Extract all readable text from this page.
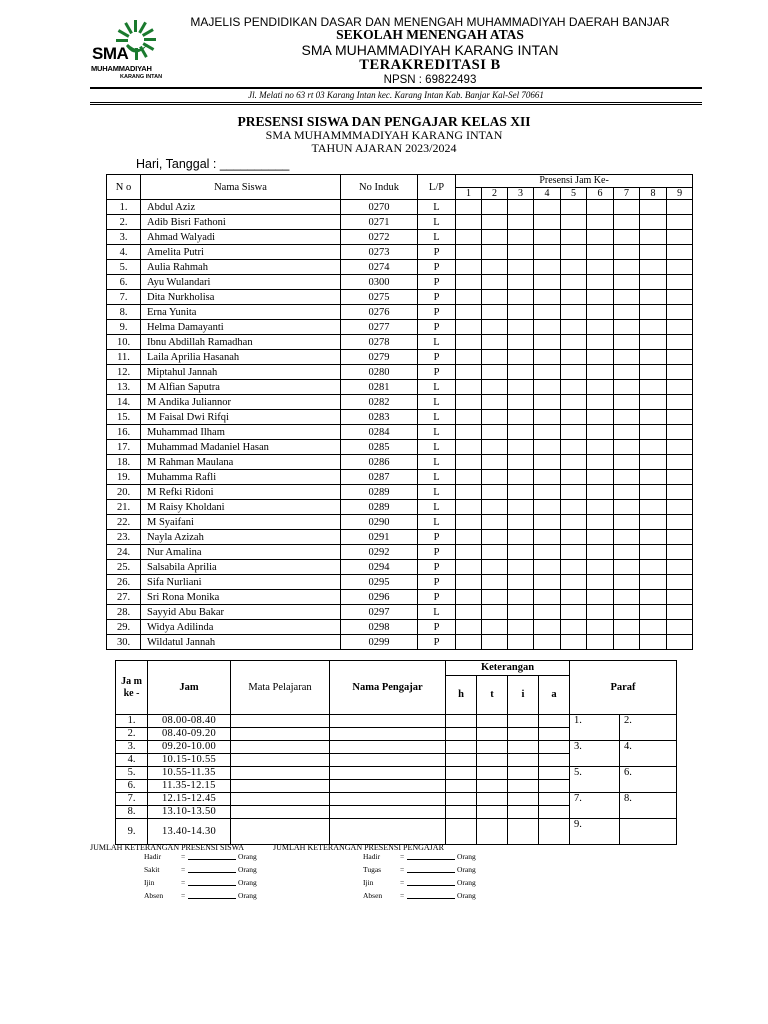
SMA
MUHAMMADIYAH
KARANG INTAN
MAJELIS PENDIDIKAN DASAR DAN MENENGAH MUHAMMADIYAH DAERAH BANJAR
SEKOLAH MENENGAH ATAS
SMA MUHAMMADIYAH KARANG INTAN
TERAKREDITASI B
NPSN : 69822493
Jl. Melati no 63 rt 03 Karang Intan kec. Karang Intan Kab. Banjar Kal-Sel 70661
PRESENSI SISWA DAN PENGAJAR KELAS XII
SMA MUHAMMMADIYAH KARANG INTAN
TAHUN AJARAN 2023/2024
Hari, Tanggal : __________
N o	Nama Siswa	No Induk	L/P	Presensi Jam Ke-								
				1	2	3	4	5	6	7	8	9
1.	Abdul Aziz	0270	L									
2.	Adib Bisri Fathoni	0271	L									
3.	Ahmad Walyadi	0272	L									
4.	Amelita Putri	0273	P									
5.	Aulia Rahmah	0274	P									
6.	Ayu Wulandari	0300	P									
7.	Dita Nurkholisa	0275	P									
8.	Erna Yunita	0276	P									
9.	Helma Damayanti	0277	P									
10.	Ibnu Abdillah Ramadhan	0278	L									
11.	Laila Aprilia Hasanah	0279	P									
12.	Miptahul Jannah	0280	P									
13.	M Alfian Saputra	0281	L									
14.	M Andika Juliannor	0282	L									
15.	M Faisal Dwi Rifqi	0283	L									
16.	Muhammad Ilham	0284	L									
17.	Muhammad Madaniel Hasan	0285	L									
18.	M Rahman Maulana	0286	L									
19.	Muhamma Rafli	0287	L									
20.	M Refki Ridoni	0289	L									
21.	M Raisy Kholdani	0289	L									
22.	M Syaifani	0290	L									
23.	Nayla Azizah	0291	P									
24.	Nur Amalina	0292	P									
25.	Salsabila Aprilia	0294	P									
26.	Sifa Nurliani	0295	P									
27.	Sri Rona Monika	0296	P									
28.	Sayyid Abu Bakar	0297	L									
29.	Widya Adilinda	0298	P									
30.	Wildatul Jannah	0299	P									
Ja m ke -	Jam	Mata Pelajaran	Nama Pengajar	Keterangan				Paraf	
				h	t	i	a		
1.	08.00-08.40							1.	2.
2.	08.40-09.20								
3.	09.20-10.00							3.	4.
4.	10.15-10.55								
5.	10.55-11.35							5.	6.
6.	11.35-12.15								
7.	12.15-12.45							7.	8.
8.	13.10-13.50								
9.	13.40-14.30							9.	
JUMLAH KETERANGAN PRESENSI SISWA	JUMLAH KETERANGAN PRESENSI PENGAJAR
Hadir	=	Orang
Sakit	=	Orang
Ijin	=	Orang
Absen =	Orang
Hadir	=	Orang
Tugas	=	Orang
Ijin	=	Orang
Absen =	Orang
